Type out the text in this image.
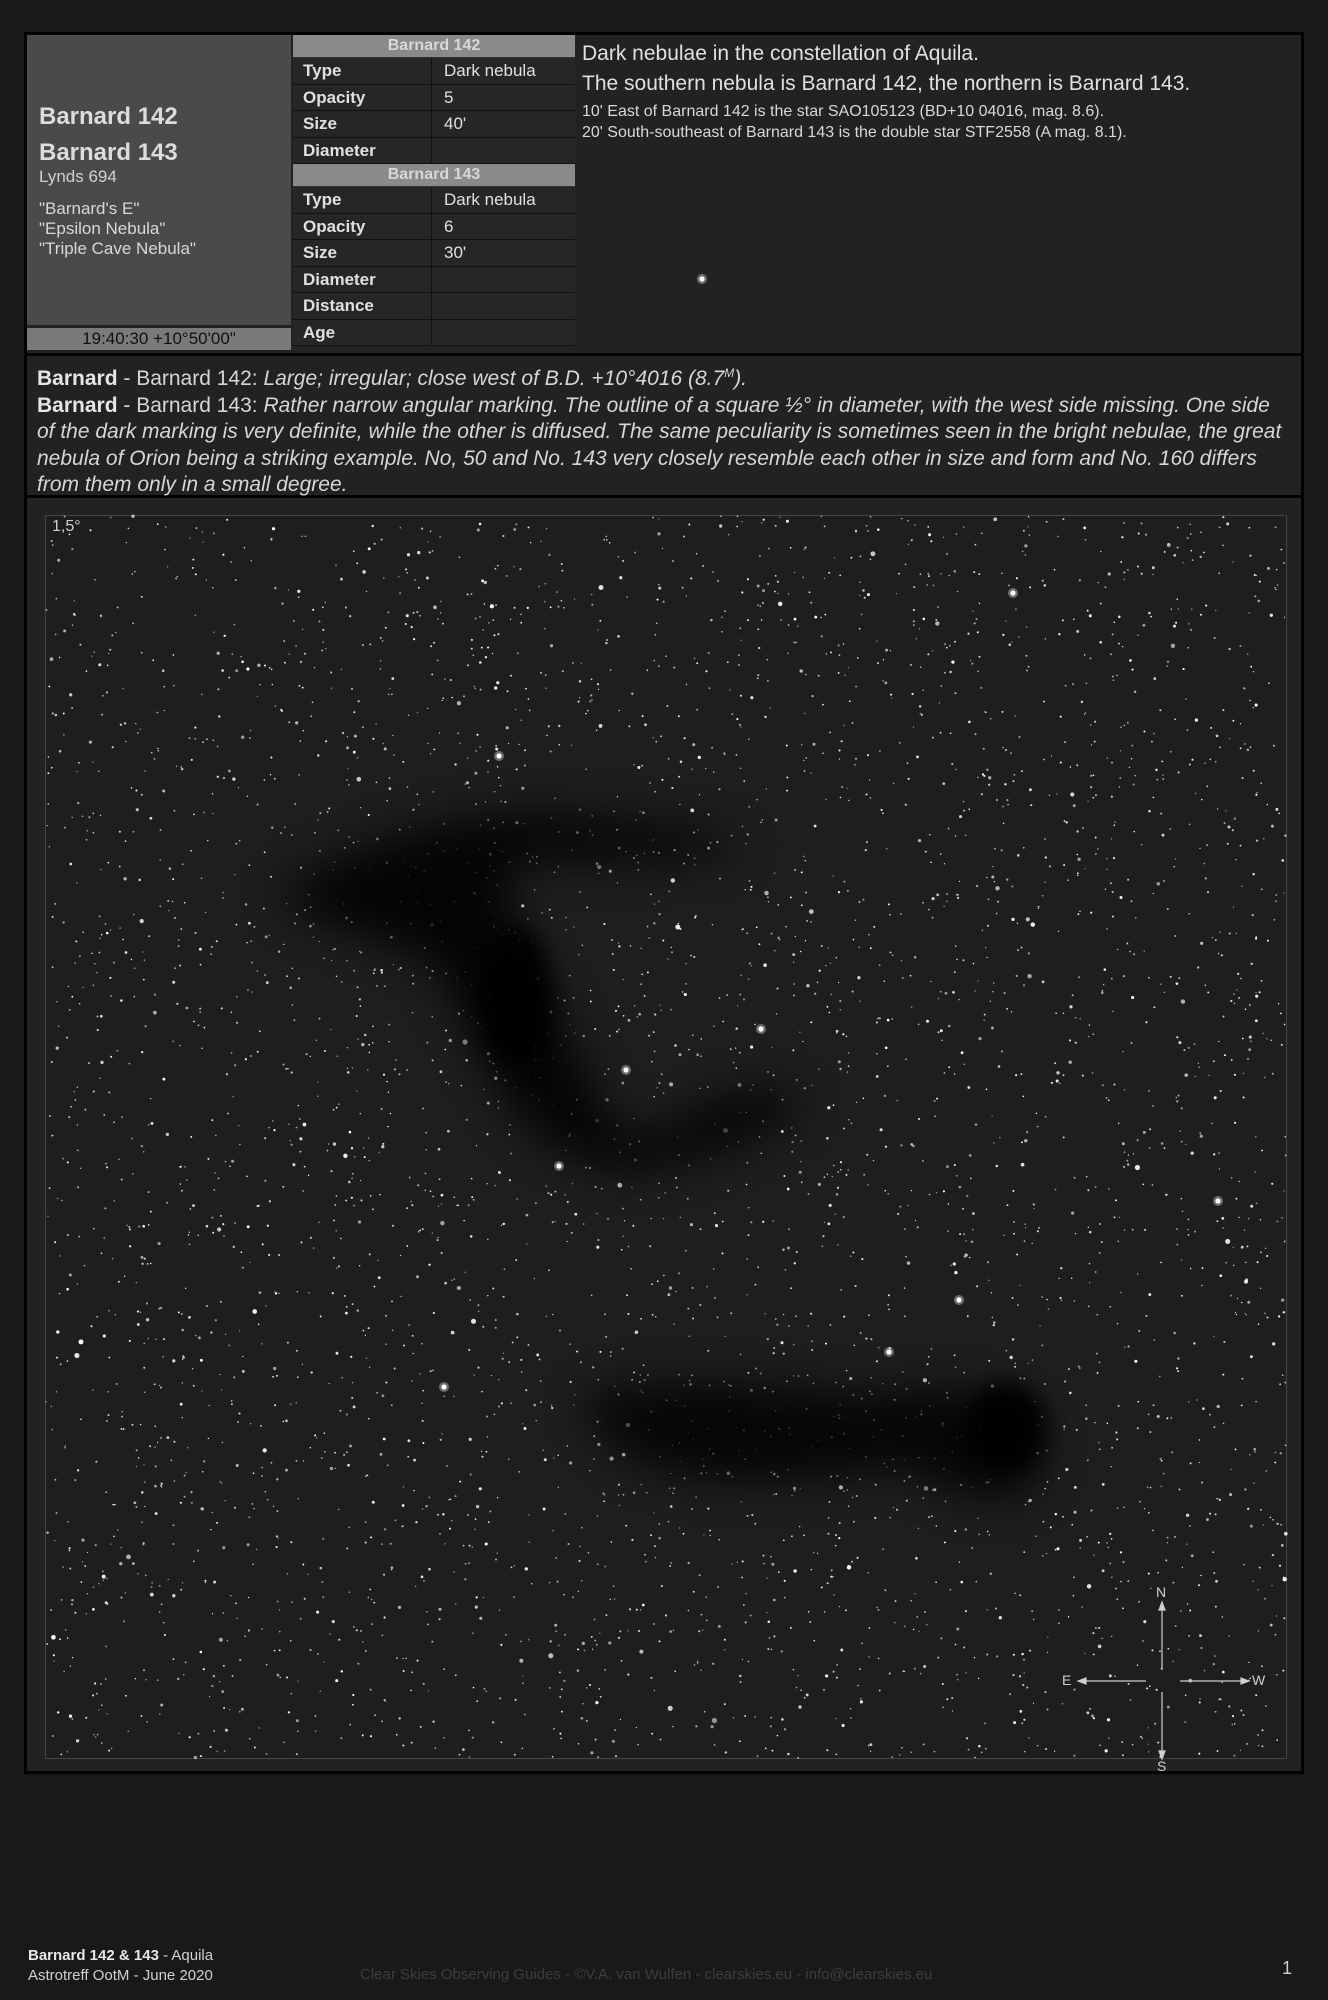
Barnard 142
Barnard 143
Lynds 694
"Barnard's E"
"Epsilon Nebula"
"Triple Cave Nebula"
19:40:30 +10°50'00"
Barnard 142
Type	Dark nebula
Opacity	5
Size	40'
Diameter
Barnard 143
Type	Dark nebula
Opacity	6
Size	30'
Diameter
Distance
Age
Dark nebulae in the constellation of Aquila.
The southern nebula is Barnard 142, the northern is Barnard 143.
10' East of Barnard 142 is the star SAO105123 (BD+10 04016, mag. 8.6).
20' South-southeast of Barnard 143 is the double star STF2558 (A mag. 8.1).
Barnard - Barnard 142: Large; irregular; close west of B.D. +10°4016 $(8.7^M)$.
Barnard - Barnard 143: Rather narrow angular marking. The outline of a square ½° in diameter, with the west side missing. One side of the dark marking is very definite, while the other is diffused. The same peculiarity is sometimes seen in the bright nebulae, the great nebula of Orion being a striking example. No, 50 and No. 143 very closely resemble each other in size and form and No. 160 differs from them only in a small degree.
1,5°
N
S
E	W
Barnard 142 & 143 - Aquila
Astrotreff OotM - June 2020	Clear Skies Observing Guides - ©V.A. van Wulfen - clearskies.eu - info@clearskies.eu	1
